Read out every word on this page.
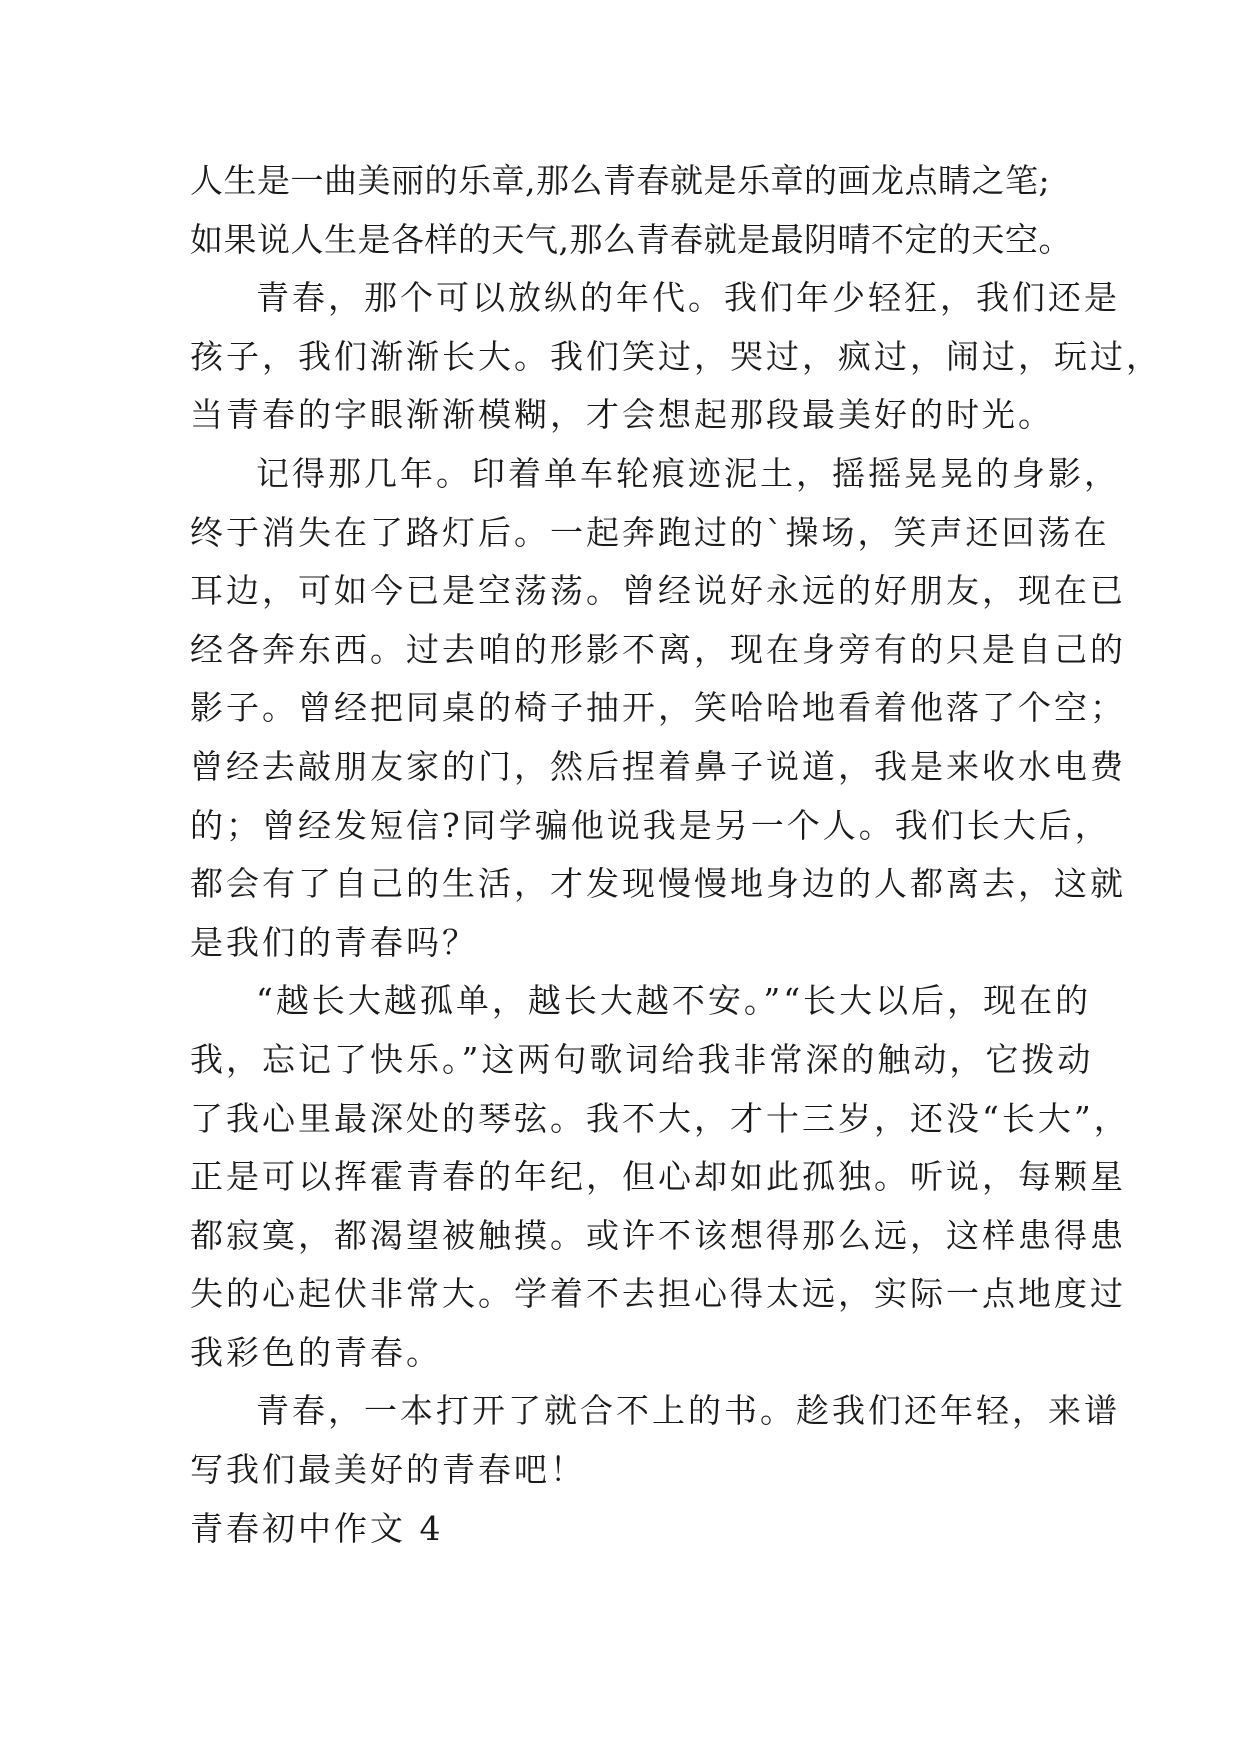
人生是一曲美丽的乐章,那么青春就是乐章的画龙点睛之笔;
如果说人生是各样的天气,那么青春就是最阴晴不定的天空。
青春，那个可以放纵的年代。我们年少轻狂，我们还是
孩子，我们渐渐长大。我们笑过，哭过，疯过，闹过，玩过，
当青春的字眼渐渐模糊，才会想起那段最美好的时光。
记得那几年。印着单车轮痕迹泥土，摇摇晃晃的身影，
终于消失在了路灯后。一起奔跑过的`操场，笑声还回荡在
耳边，可如今已是空荡荡。曾经说好永远的好朋友，现在已
经各奔东西。过去咱的形影不离，现在身旁有的只是自己的
影子。曾经把同桌的椅子抽开，笑哈哈地看着他落了个空；
曾经去敲朋友家的门，然后捏着鼻子说道，我是来收水电费
的；曾经发短信?同学骗他说我是另一个人。我们长大后，
都会有了自己的生活，才发现慢慢地身边的人都离去，这就
是我们的青春吗？
“越长大越孤单，越长大越不安。”“长大以后，现在的
我，忘记了快乐。”这两句歌词给我非常深的触动，它拨动
了我心里最深处的琴弦。我不大，才十三岁，还没“长大”，
正是可以挥霍青春的年纪，但心却如此孤独。听说，每颗星
都寂寞，都渴望被触摸。或许不该想得那么远，这样患得患
失的心起伏非常大。学着不去担心得太远，实际一点地度过
我彩色的青春。
青春，一本打开了就合不上的书。趁我们还年轻，来谱
写我们最美好的青春吧！
青春初中作文 4
